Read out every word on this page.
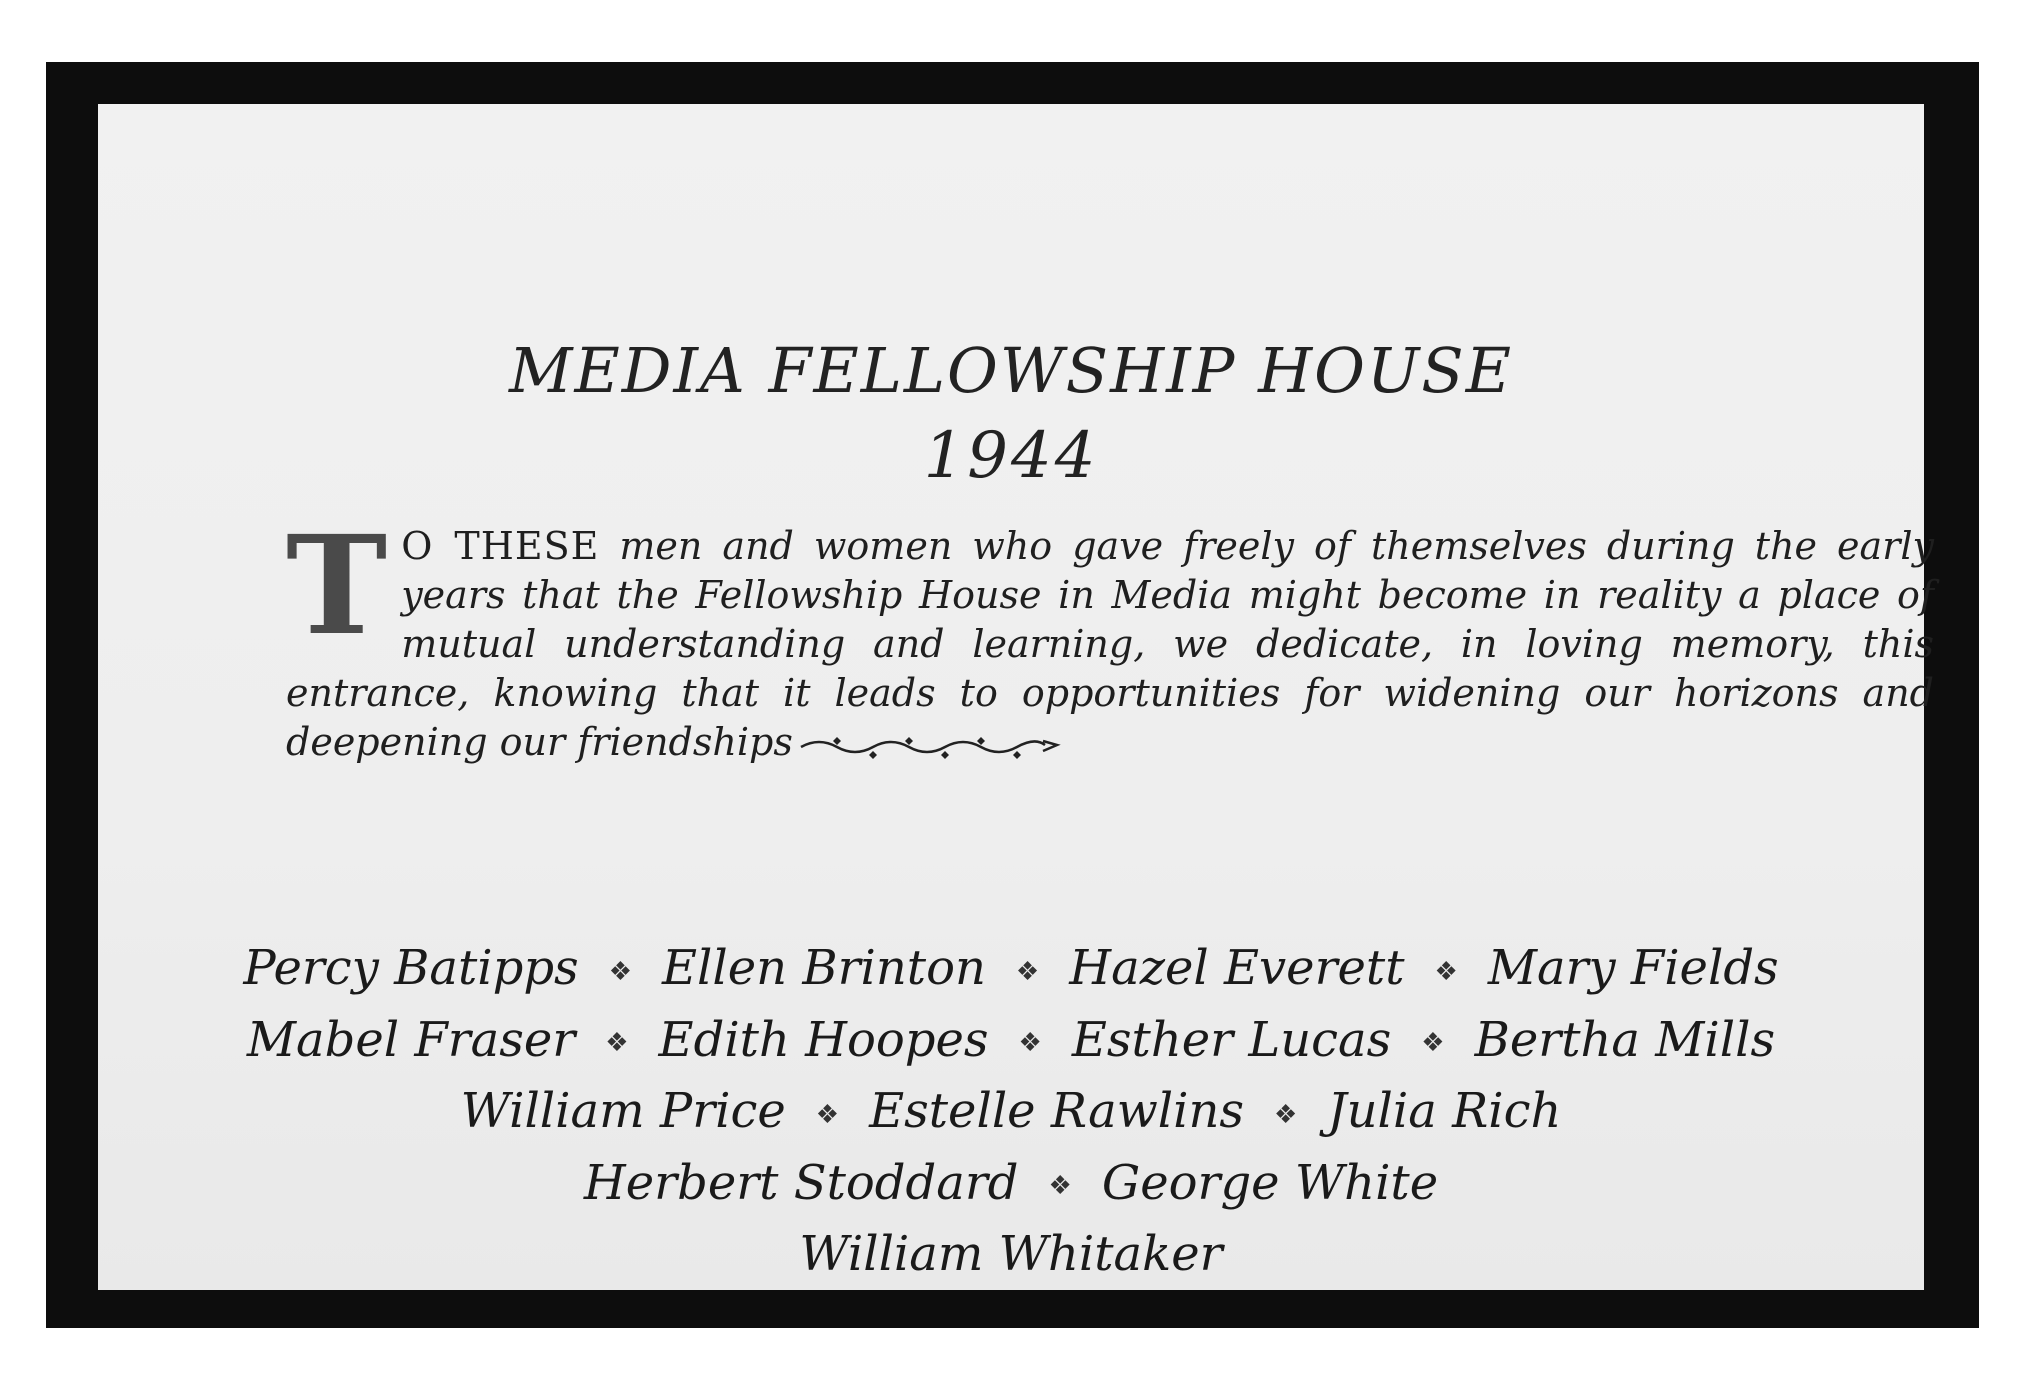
MEDIA FELLOWSHIP HOUSE
1944
T O THESE men and women who gave freely of themselves during the early years that the Fellowship House in Media might become in reality a place of mutual understanding and learning, we dedicate, in loving memory, this entrance, knowing that it leads to opportunities for widening our horizons and deepening our friendships
Percy Batipps ❖ Ellen Brinton ❖ Hazel Everett ❖ Mary Fields
Mabel Fraser ❖ Edith Hoopes ❖ Esther Lucas ❖ Bertha Mills
William Price ❖ Estelle Rawlins ❖ Julia Rich
Herbert Stoddard ❖ George White
William Whitaker
